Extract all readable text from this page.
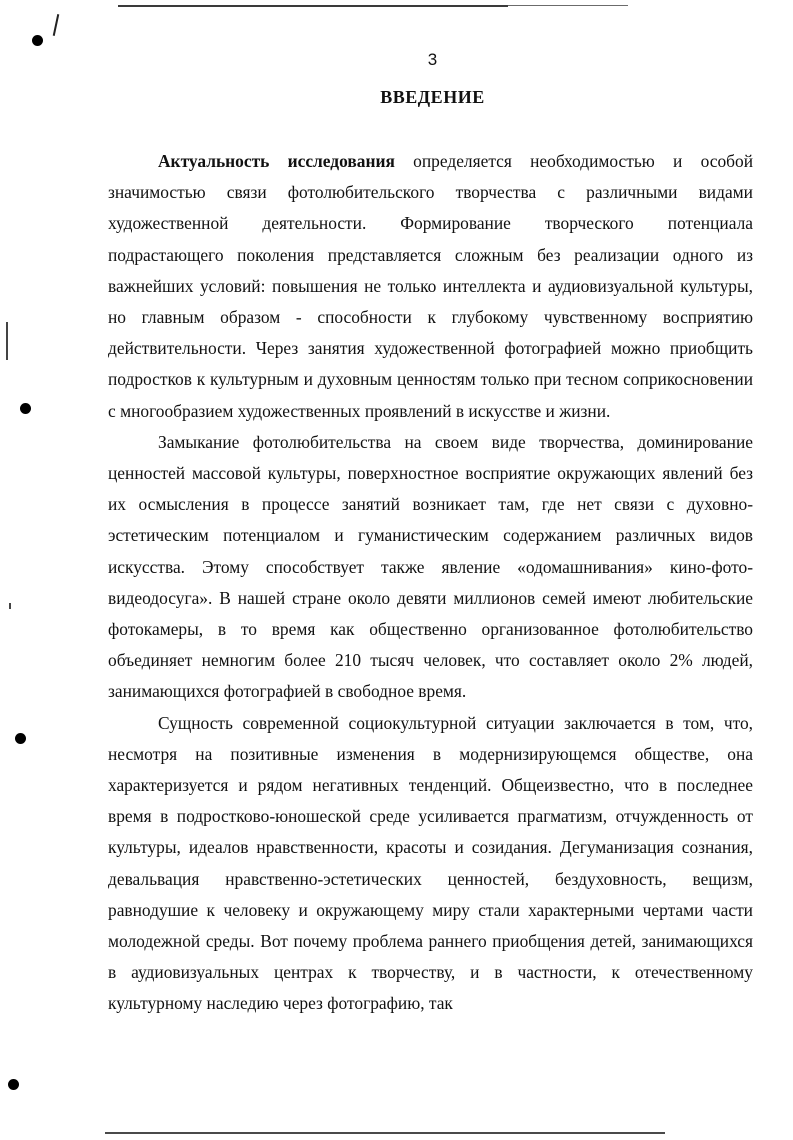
3
ВВЕДЕНИЕ

Актуальность исследования определяется необходимостью и особой значимостью связи фотолюбительского творчества с различными видами художественной деятельности. Формирование творческого потенциала подрастающего поколения представляется сложным без реализации одного из важнейших условий: повышения не только интеллекта и аудиовизуальной культуры, но главным образом - способности к глубокому чувственному восприятию действительности. Через занятия художественной фотографией можно приобщить подростков к культурным и духовным ценностям только при тесном соприкосновении с многообразием художественных проявлений в искусстве и жизни.

Замыкание фотолюбительства на своем виде творчества, доминирование ценностей массовой культуры, поверхностное восприятие окружающих явлений без их осмысления в процессе занятий возникает там, где нет связи с духовно-эстетическим потенциалом и гуманистическим содержанием различных видов искусства. Этому способствует также явление «одомашнивания» кино-фото-видеодосуга». В нашей стране около девяти миллионов семей имеют любительские фотокамеры, в то время как общественно организованное фотолюбительство объединяет немногим более 210 тысяч человек, что составляет около 2% людей, занимающихся фотографией в свободное время.

Сущность современной социокультурной ситуации заключается в том, что, несмотря на позитивные изменения в модернизирующемся обществе, она характеризуется и рядом негативных тенденций. Общеизвестно, что в последнее время в подростково-юношеской среде усиливается прагматизм, отчужденность от культуры, идеалов нравственности, красоты и созидания. Дегуманизация сознания, девальвация нравственно-эстетических ценностей, бездуховность, вещизм, равнодушие к человеку и окружающему миру стали характерными чертами части молодежной среды. Вот почему проблема раннего приобщения детей, занимающихся в аудиовизуальных центрах к творчеству, и в частности, к отечественному культурному наследию через фотографию, так
